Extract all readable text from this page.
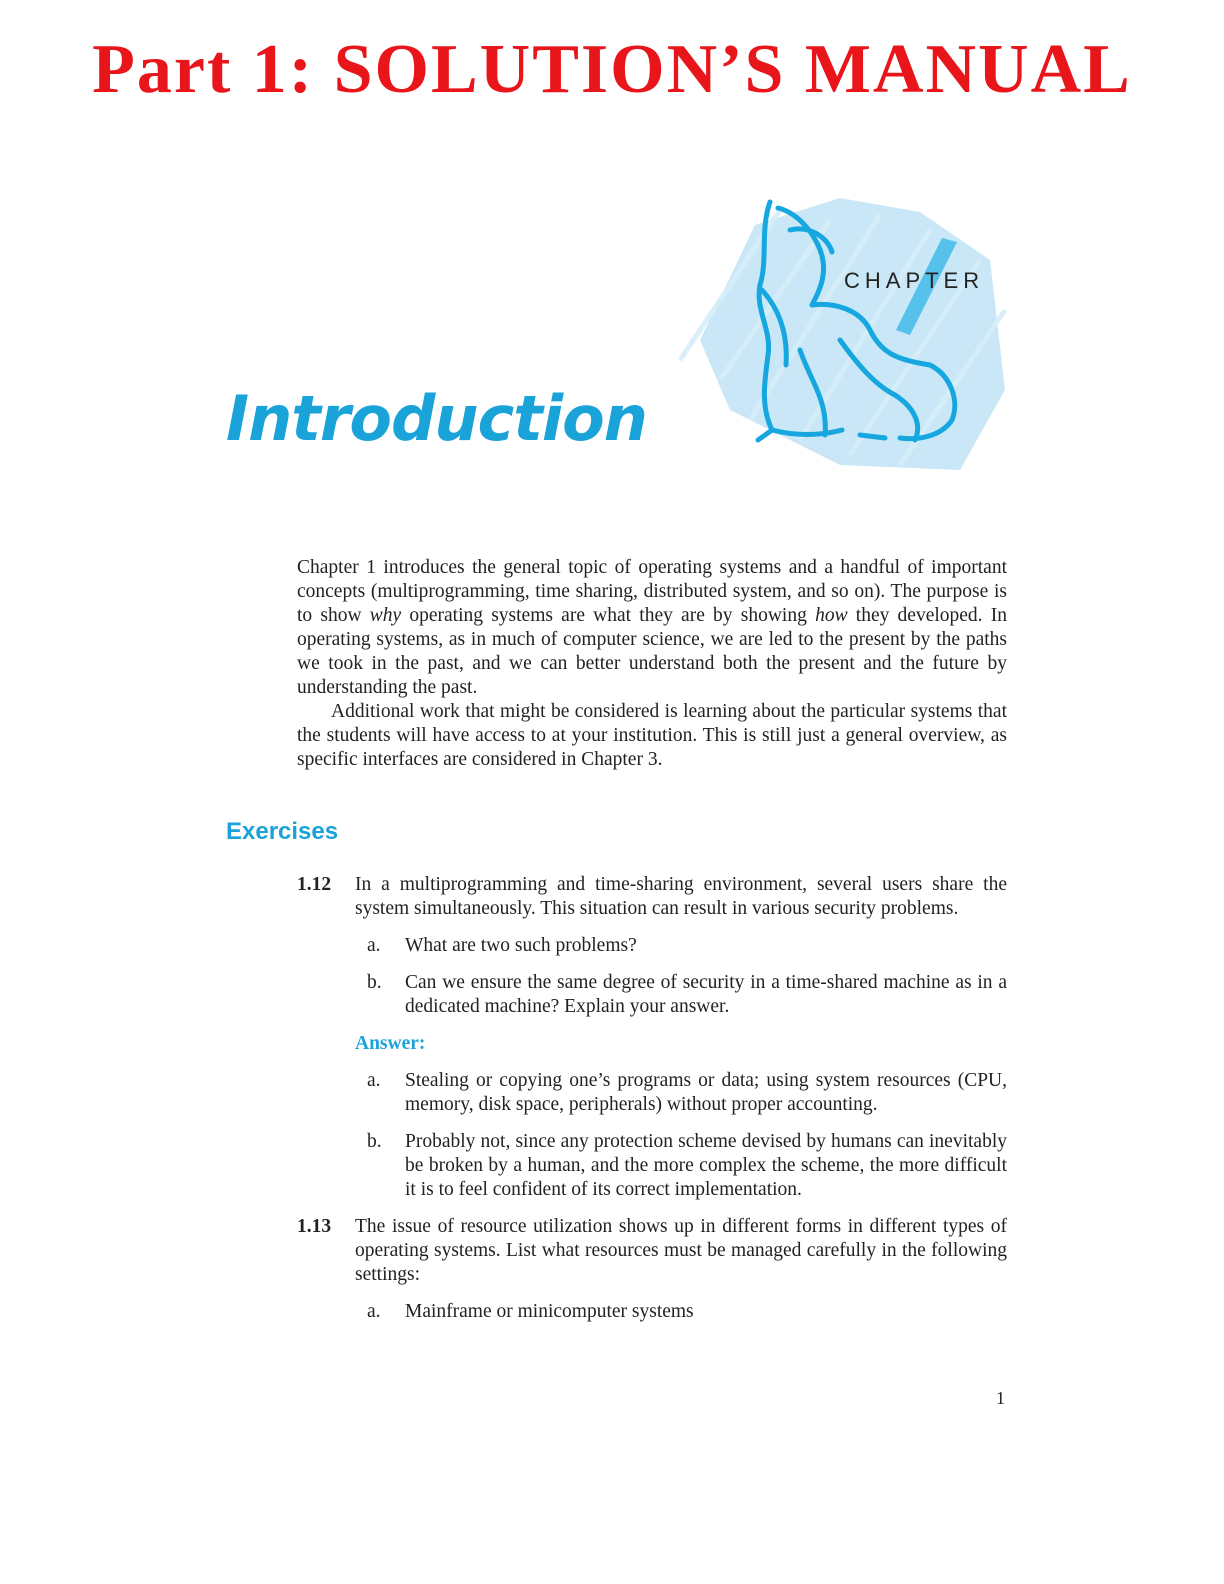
Part 1: SOLUTION’S MANUAL

CHAPTER

Introduction

Chapter 1 introduces the general topic of operating systems and a handful of important concepts (multiprogramming, time sharing, distributed system, and so on). The purpose is to show why operating systems are what they are by showing how they developed. In operating systems, as in much of computer science, we are led to the present by the paths we took in the past, and we can better understand both the present and the future by understanding the past.

Additional work that might be considered is learning about the particular systems that the students will have access to at your institution. This is still just a general overview, as specific interfaces are considered in Chapter 3.

Exercises
1.12 In a multiprogramming and time-sharing environment, several users share the system simultaneously. This situation can result in various security problems.

a. What are two such problems?
b. Can we ensure the same degree of security in a time-shared machine as in a dedicated machine? Explain your answer.
Answer:
a. Stealing or copying one’s programs or data; using system resources (CPU, memory, disk space, peripherals) without proper accounting.
b. Probably not, since any protection scheme devised by humans can inevitably be broken by a human, and the more complex the scheme, the more difficult it is to feel confident of its correct implementation.
1.13 The issue of resource utilization shows up in different forms in different types of operating systems. List what resources must be managed carefully in the following settings:

a. Mainframe or minicomputer systems

1
